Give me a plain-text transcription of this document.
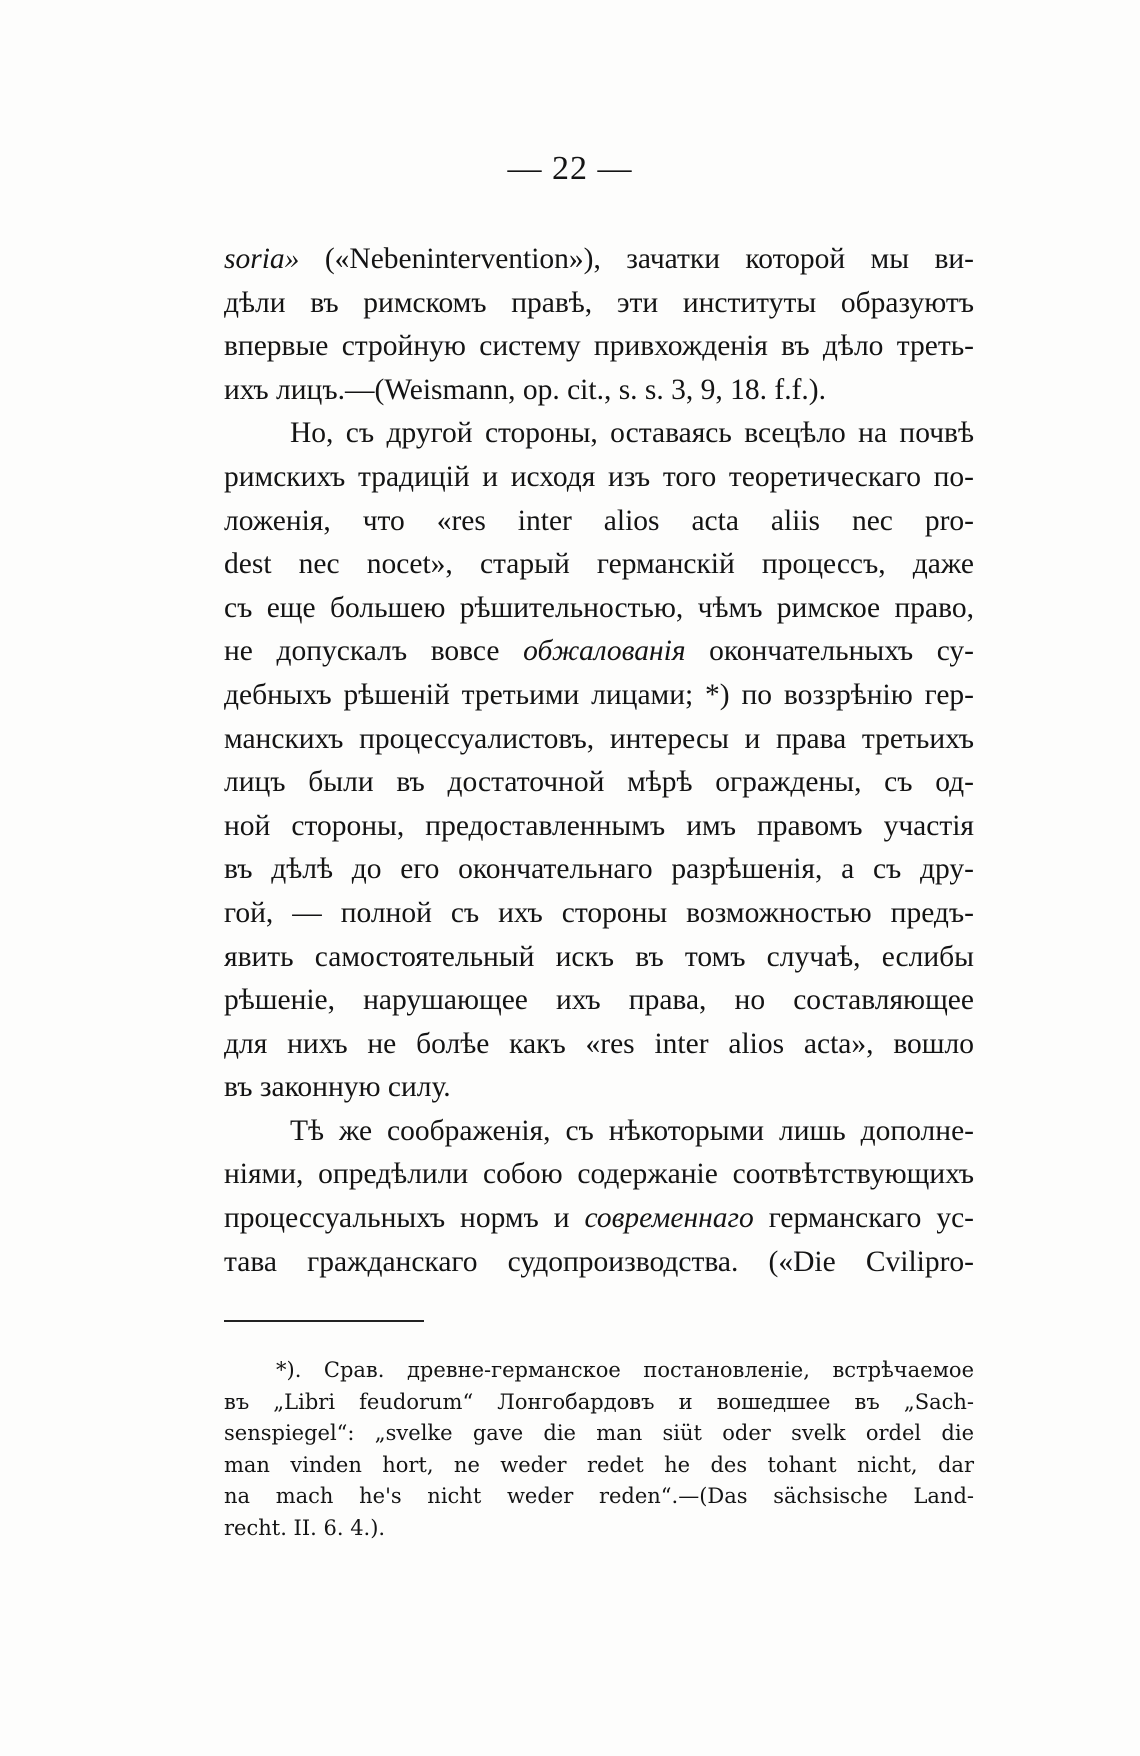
— 22 —
soria» («Nebenintervention»), зачатки которой мы ви-
дѣли въ римскомъ правѣ, эти институты образуютъ
впервые стройную систему привхожденія въ дѣло треть-
ихъ лицъ.—(Weismann, op. cit., s. s. 3, 9, 18. f.f.).
Но, съ другой стороны, оставаясь всецѣло на почвѣ
римскихъ традицій и исходя изъ того теоретическаго по-
ложенія, что «res inter alios acta aliis nec pro-
dest nec nocet», старый германскій процессъ, даже
съ еще большею рѣшительностью, чѣмъ римское право,
не допускалъ вовсе обжалованія окончательныхъ су-
дебныхъ рѣшеній третьими лицами; *) по воззрѣнію гер-
манскихъ процессуалистовъ, интересы и права третьихъ
лицъ были въ достаточной мѣрѣ ограждены, съ од-
ной стороны, предоставленнымъ имъ правомъ участія
въ дѣлѣ до его окончательнаго разрѣшенія, а съ дру-
гой, — полной съ ихъ стороны возможностью предъ-
явить самостоятельный искъ въ томъ случаѣ, еслибы
рѣшеніе, нарушающее ихъ права, но составляющее
для нихъ не болѣе какъ «res inter alios acta», вошло
въ законную силу.
Тѣ же соображенія, съ нѣкоторыми лишь дополне-
ніями, опредѣлили собою содержаніе соотвѣтствующихъ
процессуальныхъ нормъ и современнаго германскаго ус-
тава гражданскаго судопроизводства. («Die Cvilipro-
*). Срав. древне-германское постановленіе, встрѣчаемое
въ „Libri feudorum“ Лонгобардовъ и вошедшее въ „Sach-
senspiegel“: „svelke gave die man siüt oder svelk ordel die
man vinden hort, ne weder redet he des tohant nicht, dar
na mach he's nicht weder reden“.—(Das sächsische Land-
recht. II. 6. 4.).
